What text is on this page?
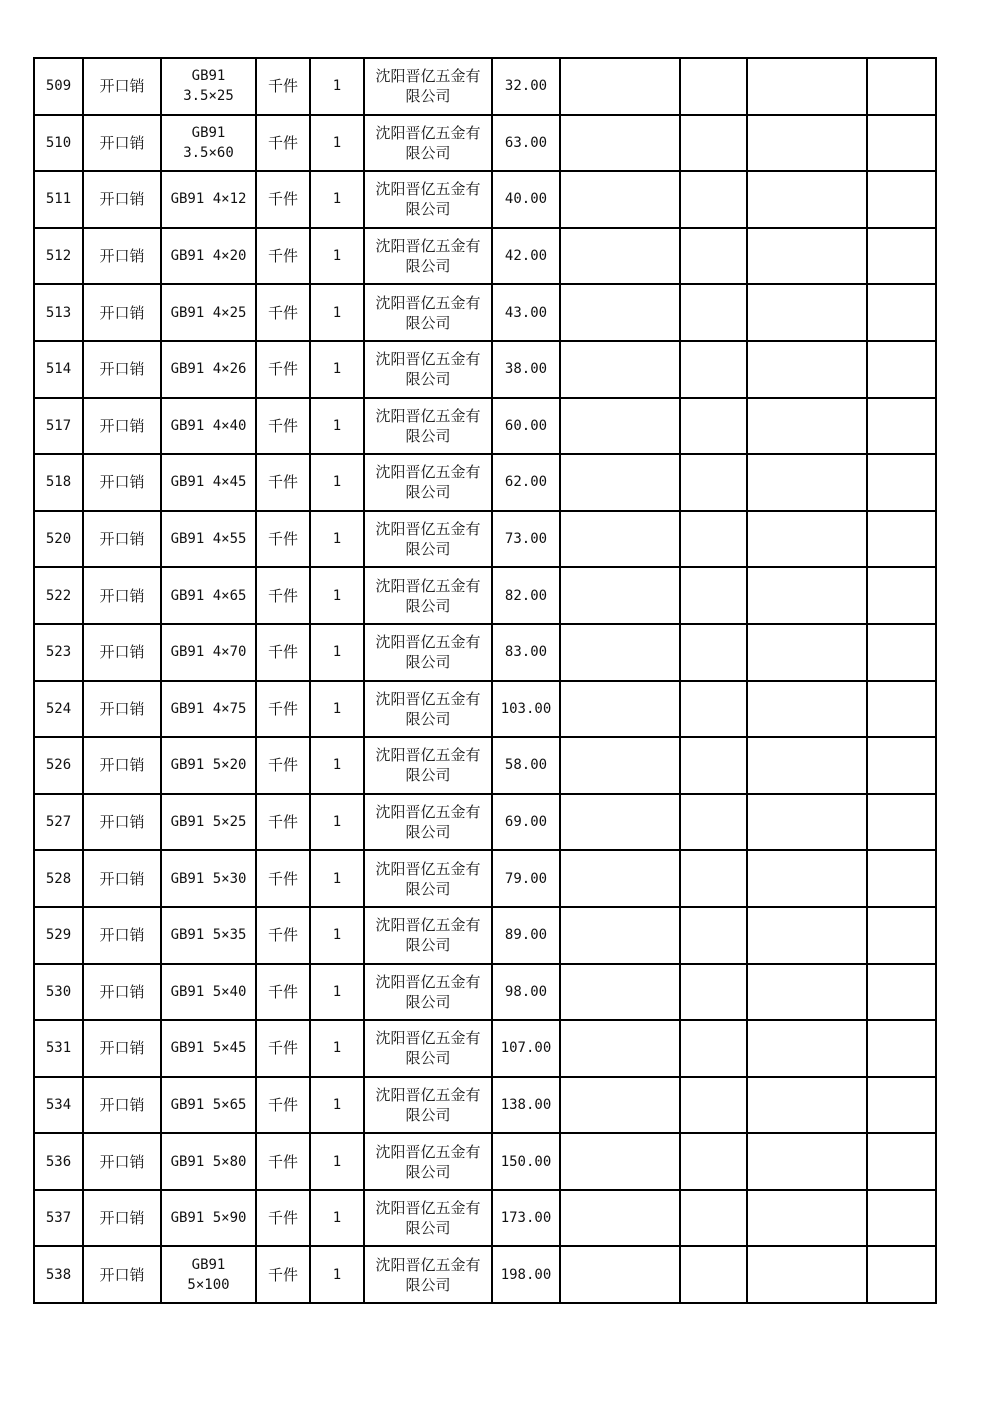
509	开口销	GB91
3.5×25	千件	1	沈阳晋亿五金有
限公司	32.00				
510	开口销	GB91
3.5×60	千件	1	沈阳晋亿五金有
限公司	63.00				
511	开口销	GB91 4×12	千件	1	沈阳晋亿五金有
限公司	40.00				
512	开口销	GB91 4×20	千件	1	沈阳晋亿五金有
限公司	42.00				
513	开口销	GB91 4×25	千件	1	沈阳晋亿五金有
限公司	43.00				
514	开口销	GB91 4×26	千件	1	沈阳晋亿五金有
限公司	38.00				
517	开口销	GB91 4×40	千件	1	沈阳晋亿五金有
限公司	60.00				
518	开口销	GB91 4×45	千件	1	沈阳晋亿五金有
限公司	62.00				
520	开口销	GB91 4×55	千件	1	沈阳晋亿五金有
限公司	73.00				
522	开口销	GB91 4×65	千件	1	沈阳晋亿五金有
限公司	82.00				
523	开口销	GB91 4×70	千件	1	沈阳晋亿五金有
限公司	83.00				
524	开口销	GB91 4×75	千件	1	沈阳晋亿五金有
限公司	103.00				
526	开口销	GB91 5×20	千件	1	沈阳晋亿五金有
限公司	58.00				
527	开口销	GB91 5×25	千件	1	沈阳晋亿五金有
限公司	69.00				
528	开口销	GB91 5×30	千件	1	沈阳晋亿五金有
限公司	79.00				
529	开口销	GB91 5×35	千件	1	沈阳晋亿五金有
限公司	89.00				
530	开口销	GB91 5×40	千件	1	沈阳晋亿五金有
限公司	98.00				
531	开口销	GB91 5×45	千件	1	沈阳晋亿五金有
限公司	107.00				
534	开口销	GB91 5×65	千件	1	沈阳晋亿五金有
限公司	138.00				
536	开口销	GB91 5×80	千件	1	沈阳晋亿五金有
限公司	150.00				
537	开口销	GB91 5×90	千件	1	沈阳晋亿五金有
限公司	173.00				
538	开口销	GB91
5×100	千件	1	沈阳晋亿五金有
限公司	198.00				
